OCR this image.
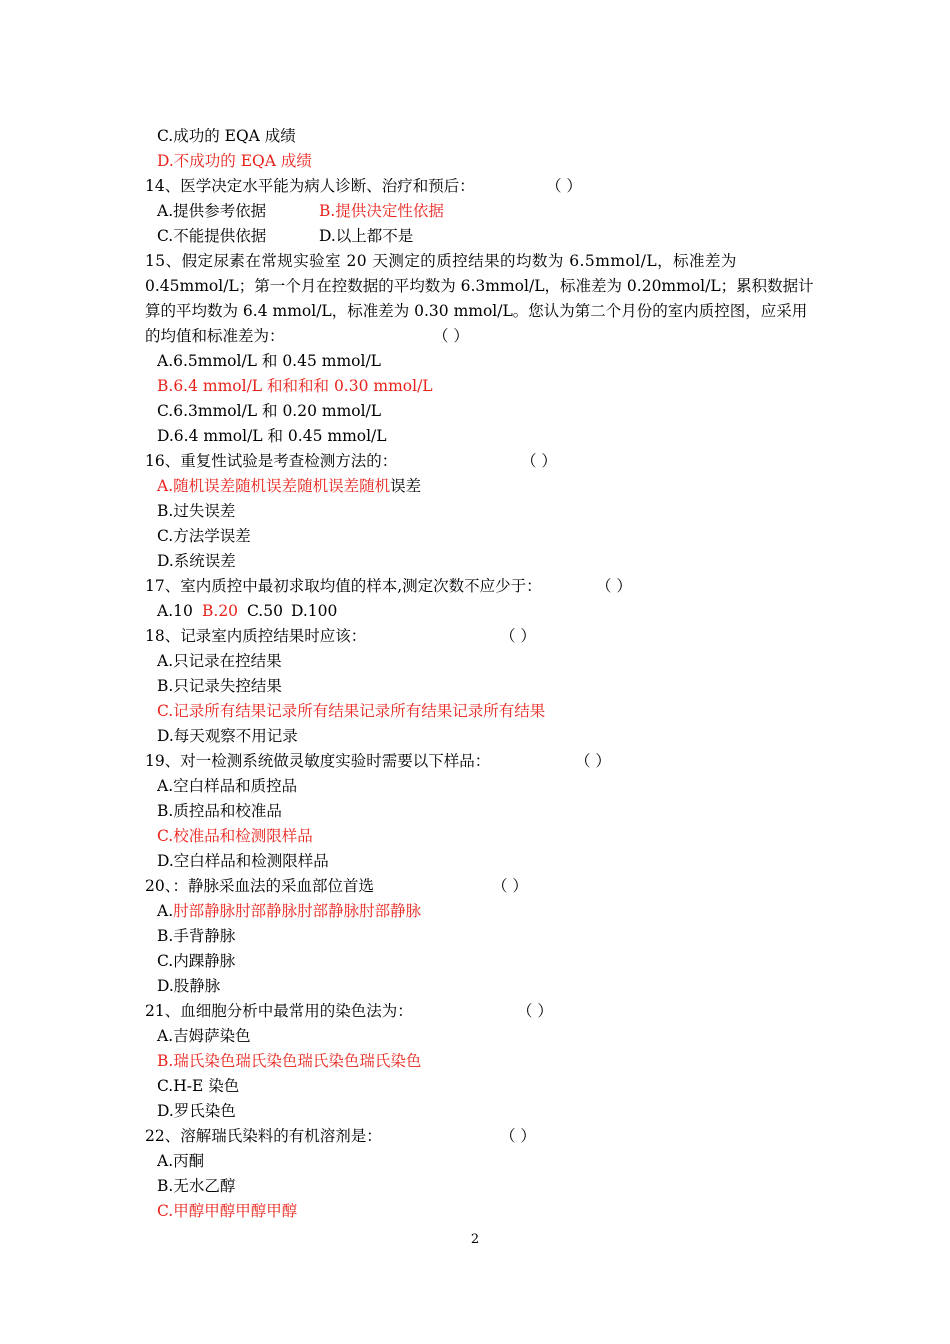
C.成功的 EQA 成绩
D.不成功的 EQA 成绩
14、医学决定水平能为病人诊断、治疗和预后：	（ ）
A.提供参考依据	B.提供决定性依据
C.不能提供依据	D.以上都不是
15、假定尿素在常规实验室 20 天测定的质控结果的均数为 6.5mmol/L，标准差为
0.45mmol/L；第一个月在控数据的平均数为 6.3mmol/L，标准差为 0.20mmol/L；累积数据计
算的平均数为 6.4 mmol/L，标准差为 0.30 mmol/L。您认为第二个月份的室内质控图，应采用
的均值和标准差为：	（ ）
A.6.5mmol/L 和 0.45 mmol/L
B.6.4 mmol/L 和和和和 0.30 mmol/L
C.6.3mmol/L 和 0.20 mmol/L
D.6.4 mmol/L 和 0.45 mmol/L
16、重复性试验是考查检测方法的：	（ ）
A.随机误差随机误差随机误差随机误差
B.过失误差
C.方法学误差
D.系统误差
17、室内质控中最初求取均值的样本,测定次数不应少于：	（ ）
A.10 B.20 C.50 D.100
18、记录室内质控结果时应该：	（ ）
A.只记录在控结果
B.只记录失控结果
C.记录所有结果记录所有结果记录所有结果记录所有结果
D.每天观察不用记录
19、对一检测系统做灵敏度实验时需要以下样品：	（ ）
A.空白样品和质控品
B.质控品和校准品
C.校准品和检测限样品
D.空白样品和检测限样品
20、：静脉采血法的采血部位首选	（ ）
A.肘部静脉肘部静脉肘部静脉肘部静脉
B.手背静脉
C.内踝静脉
D.股静脉
21、血细胞分析中最常用的染色法为：	（ ）
A.吉姆萨染色
B.瑞氏染色瑞氏染色瑞氏染色瑞氏染色
C.H-E 染色
D.罗氏染色
22、溶解瑞氏染料的有机溶剂是：	（ ）
A.丙酮
B.无水乙醇
C.甲醇甲醇甲醇甲醇
2
